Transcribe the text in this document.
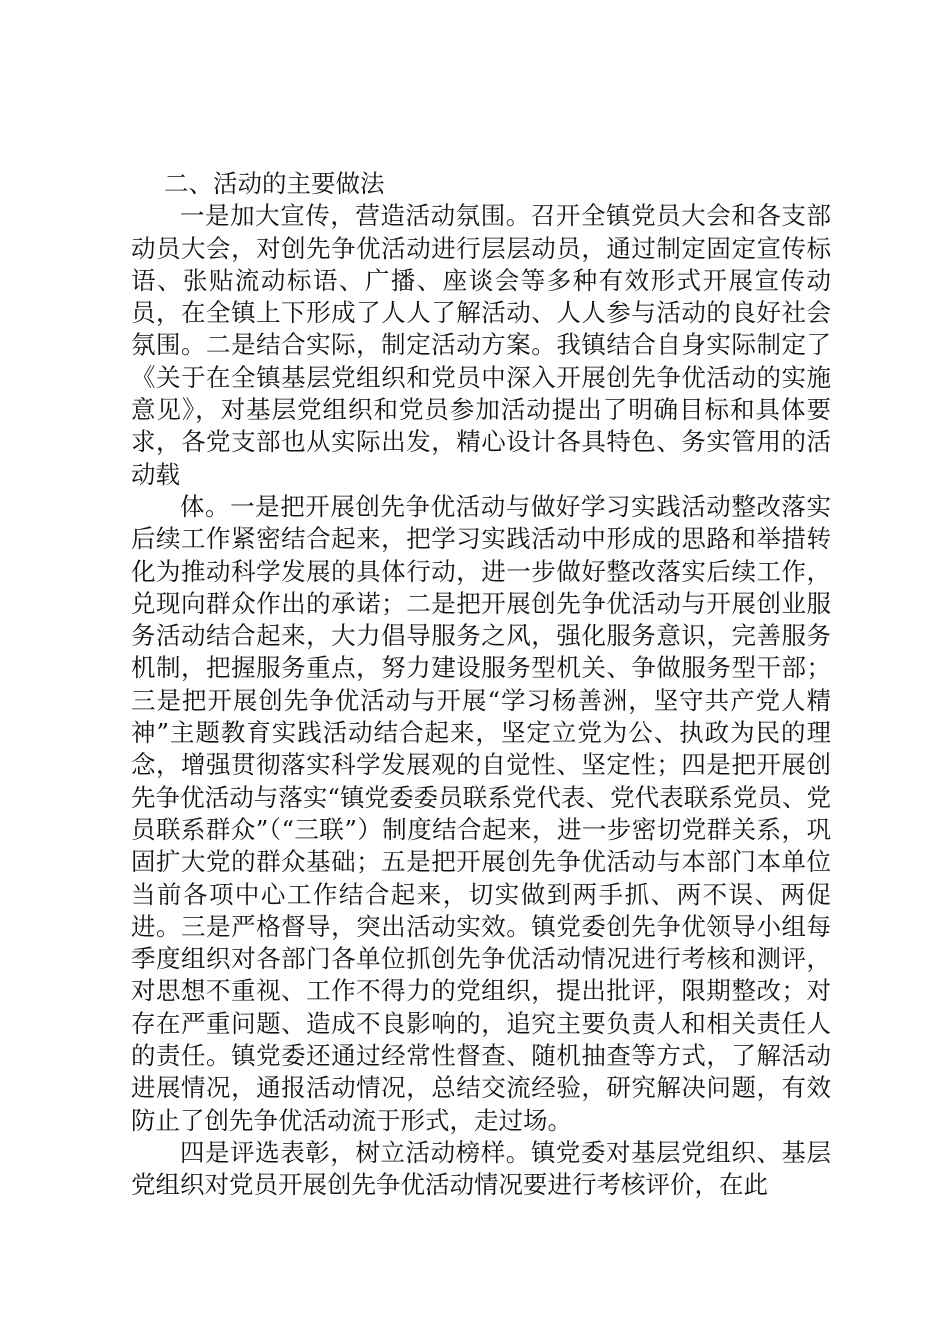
二、活动的主要做法

一是加大宣传，营造活动氛围。召开全镇党员大会和各支部动员大会，对创先争优活动进行层层动员，通过制定固定宣传标语、张贴流动标语、广播、座谈会等多种有效形式开展宣传动员，在全镇上下形成了人人了解活动、人人参与活动的良好社会氛围。二是结合实际，制定活动方案。我镇结合自身实际制定了《关于在全镇基层党组织和党员中深入开展创先争优活动的实施意见》，对基层党组织和党员参加活动提出了明确目标和具体要求，各党支部也从实际出发，精心设计各具特色、务实管用的活动载

体。一是把开展创先争优活动与做好学习实践活动整改落实后续工作紧密结合起来，把学习实践活动中形成的思路和举措转化为推动科学发展的具体行动，进一步做好整改落实后续工作，兑现向群众作出的承诺；二是把开展创先争优活动与开展创业服务活动结合起来，大力倡导服务之风，强化服务意识，完善服务机制，把握服务重点，努力建设服务型机关、争做服务型干部；三是把开展创先争优活动与开展“学习杨善洲，坚守共产党人精神”主题教育实践活动结合起来，坚定立党为公、执政为民的理念，增强贯彻落实科学发展观的自觉性、坚定性；四是把开展创先争优活动与落实“镇党委委员联系党代表、党代表联系党员、党员联系群众”（“三联”）制度结合起来，进一步密切党群关系，巩固扩大党的群众基础；五是把开展创先争优活动与本部门本单位当前各项中心工作结合起来，切实做到两手抓、两不误、两促进。三是严格督导，突出活动实效。镇党委创先争优领导小组每季度组织对各部门各单位抓创先争优活动情况进行考核和测评，对思想不重视、工作不得力的党组织，提出批评，限期整改；对存在严重问题、造成不良影响的，追究主要负责人和相关责任人的责任。镇党委还通过经常性督查、随机抽查等方式，了解活动进展情况，通报活动情况，总结交流经验，研究解决问题，有效防止了创先争优活动流于形式，走过场。

四是评选表彰，树立活动榜样。镇党委对基层党组织、基层党组织对党员开展创先争优活动情况要进行考核评价，在此
